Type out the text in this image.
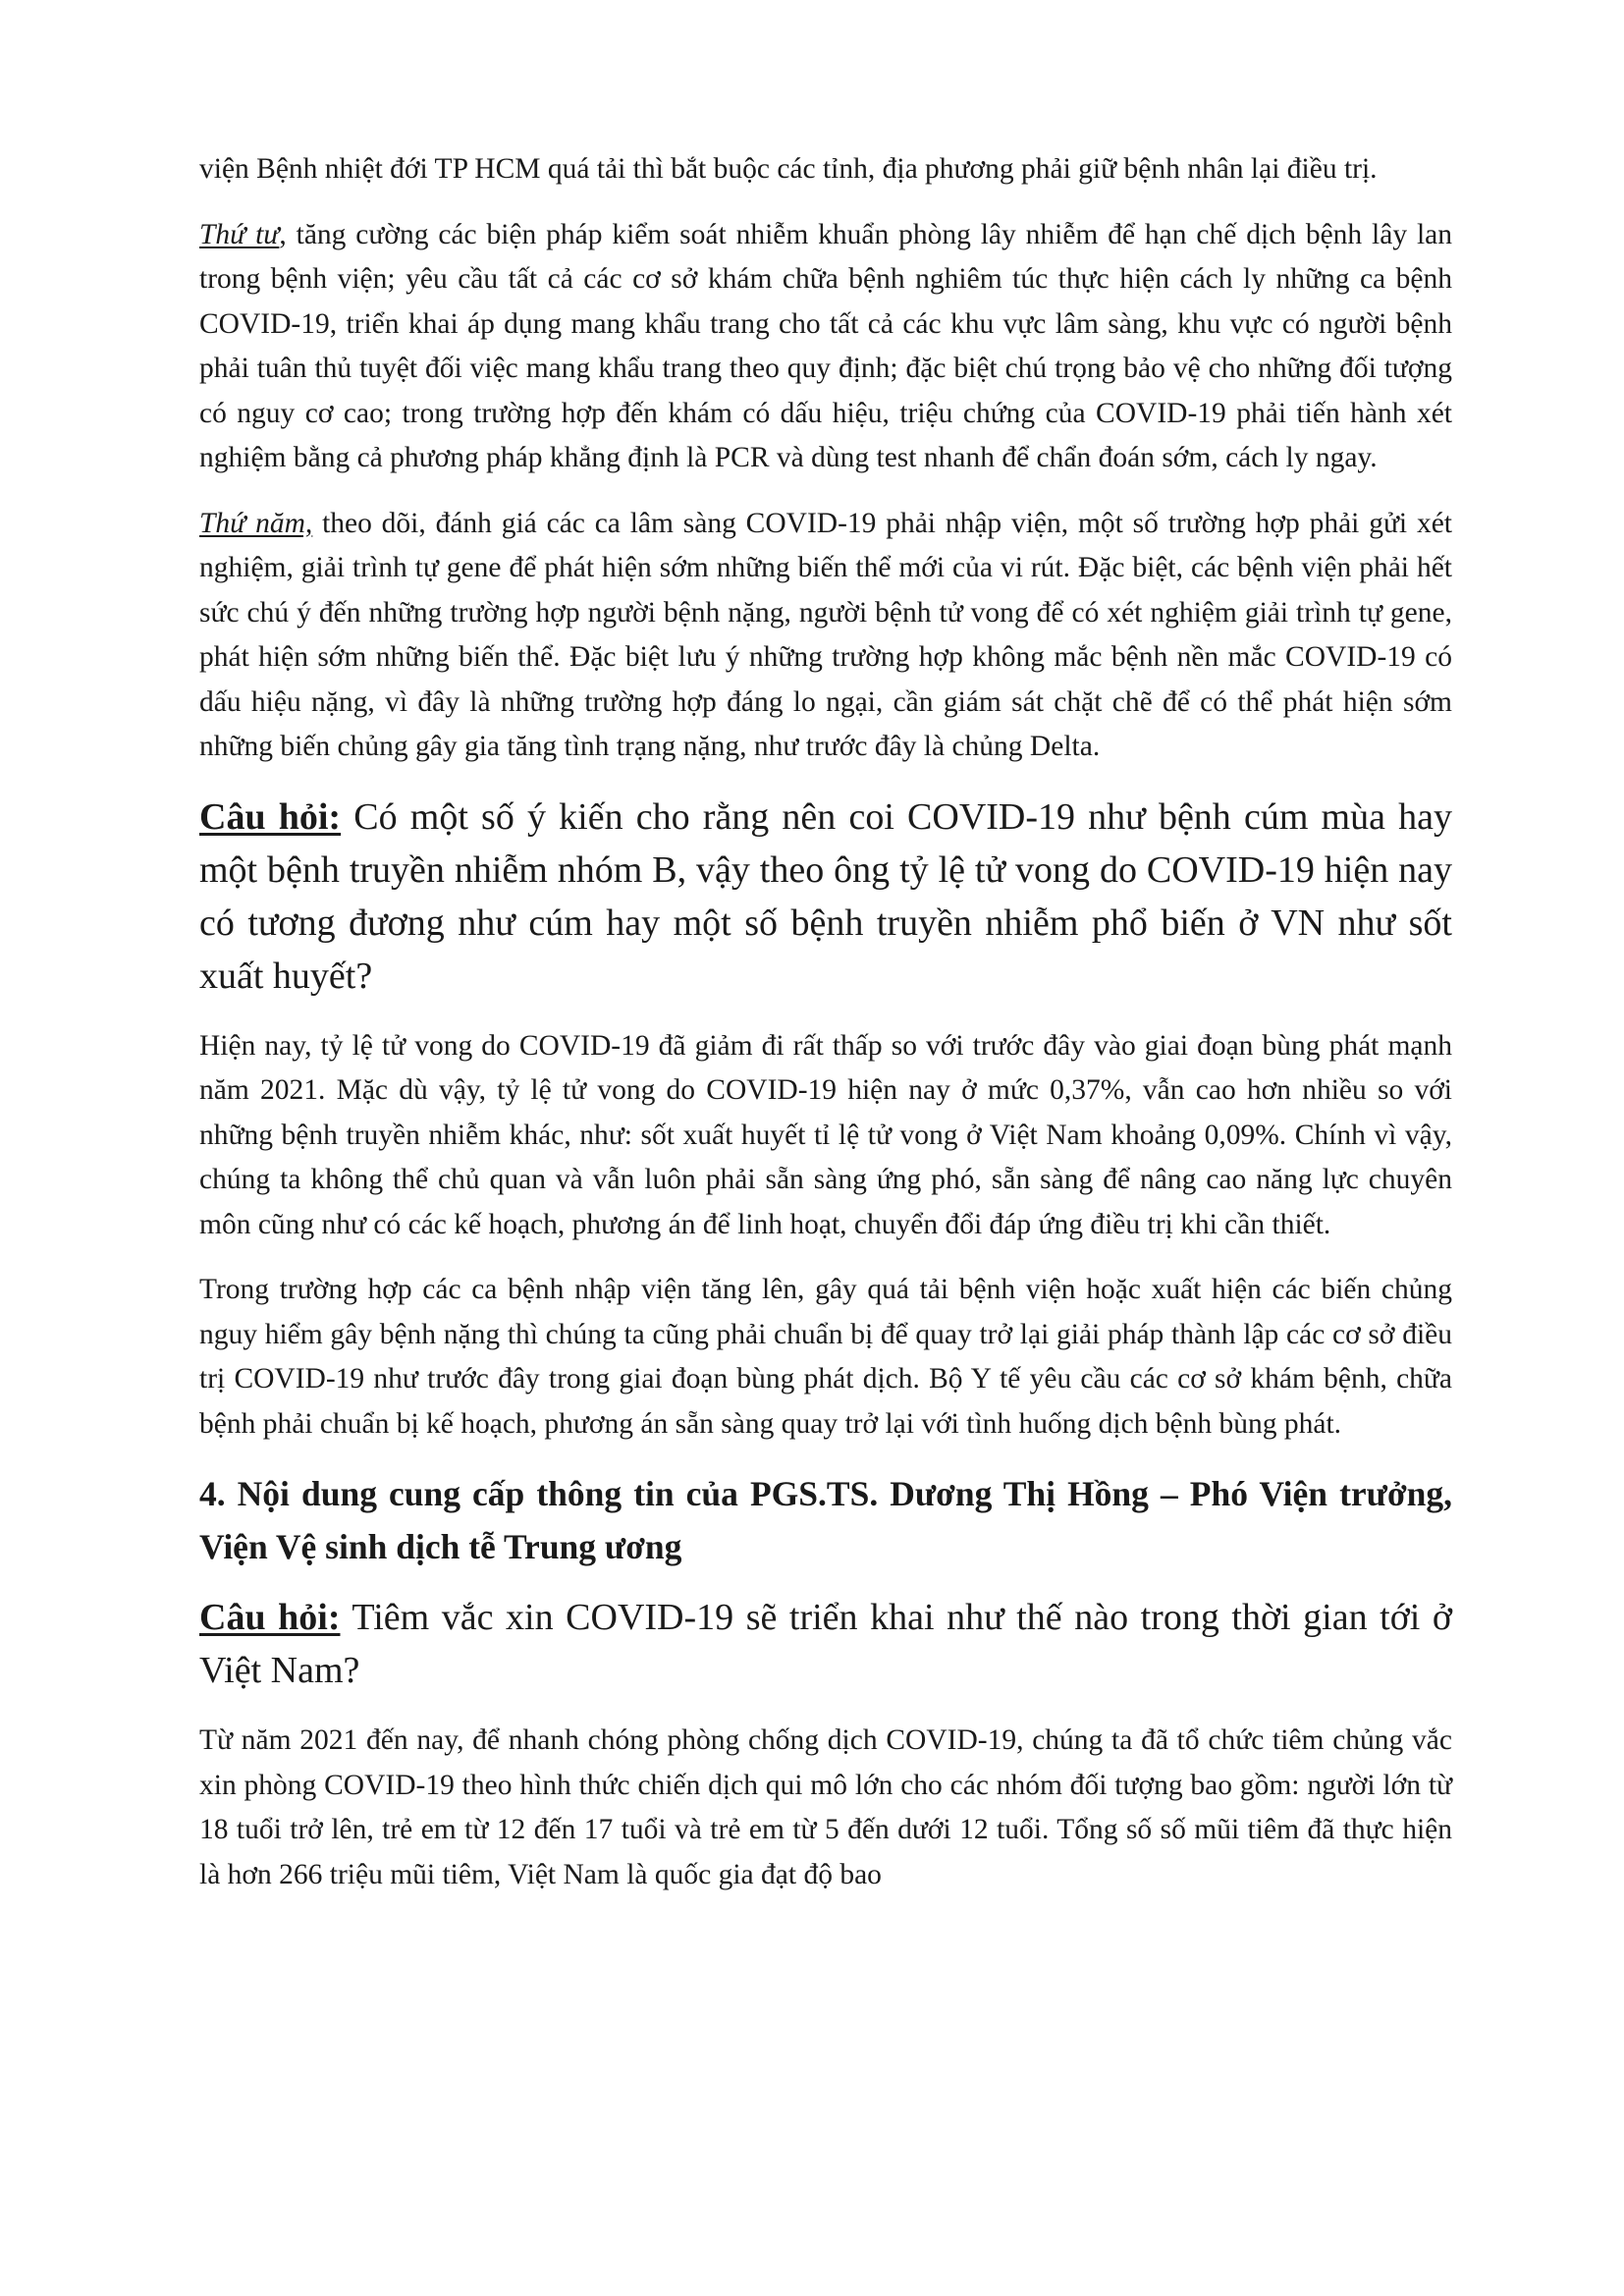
viện Bệnh nhiệt đới TP HCM quá tải thì bắt buộc các tỉnh, địa phương phải giữ bệnh nhân lại điều trị.

Thứ tư, tăng cường các biện pháp kiểm soát nhiễm khuẩn phòng lây nhiễm để hạn chế dịch bệnh lây lan trong bệnh viện; yêu cầu tất cả các cơ sở khám chữa bệnh nghiêm túc thực hiện cách ly những ca bệnh COVID-19, triển khai áp dụng mang khẩu trang cho tất cả các khu vực lâm sàng, khu vực có người bệnh phải tuân thủ tuyệt đối việc mang khẩu trang theo quy định; đặc biệt chú trọng bảo vệ cho những đối tượng có nguy cơ cao; trong trường hợp đến khám có dấu hiệu, triệu chứng của COVID-19 phải tiến hành xét nghiệm bằng cả phương pháp khẳng định là PCR và dùng test nhanh để chẩn đoán sớm, cách ly ngay.

Thứ năm, theo dõi, đánh giá các ca lâm sàng COVID-19 phải nhập viện, một số trường hợp phải gửi xét nghiệm, giải trình tự gene để phát hiện sớm những biến thể mới của vi rút. Đặc biệt, các bệnh viện phải hết sức chú ý đến những trường hợp người bệnh nặng, người bệnh tử vong để có xét nghiệm giải trình tự gene, phát hiện sớm những biến thể. Đặc biệt lưu ý những trường hợp không mắc bệnh nền mắc COVID-19 có dấu hiệu nặng, vì đây là những trường hợp đáng lo ngại, cần giám sát chặt chẽ để có thể phát hiện sớm những biến chủng gây gia tăng tình trạng nặng, như trước đây là chủng Delta.

Câu hỏi: Có một số ý kiến cho rằng nên coi COVID-19 như bệnh cúm mùa hay một bệnh truyền nhiễm nhóm B, vậy theo ông tỷ lệ tử vong do COVID-19 hiện nay có tương đương như cúm hay một số bệnh truyền nhiễm phổ biến ở VN như sốt xuất huyết?

Hiện nay, tỷ lệ tử vong do COVID-19 đã giảm đi rất thấp so với trước đây vào giai đoạn bùng phát mạnh năm 2021. Mặc dù vậy, tỷ lệ tử vong do COVID-19 hiện nay ở mức 0,37%, vẫn cao hơn nhiều so với những bệnh truyền nhiễm khác, như: sốt xuất huyết tỉ lệ tử vong ở Việt Nam khoảng 0,09%. Chính vì vậy, chúng ta không thể chủ quan và vẫn luôn phải sẵn sàng ứng phó, sẵn sàng để nâng cao năng lực chuyên môn cũng như có các kế hoạch, phương án để linh hoạt, chuyển đổi đáp ứng điều trị khi cần thiết.

Trong trường hợp các ca bệnh nhập viện tăng lên, gây quá tải bệnh viện hoặc xuất hiện các biến chủng nguy hiểm gây bệnh nặng thì chúng ta cũng phải chuẩn bị để quay trở lại giải pháp thành lập các cơ sở điều trị COVID-19 như trước đây trong giai đoạn bùng phát dịch. Bộ Y tế yêu cầu các cơ sở khám bệnh, chữa bệnh phải chuẩn bị kế hoạch, phương án sẵn sàng quay trở lại với tình huống dịch bệnh bùng phát.

4. Nội dung cung cấp thông tin của PGS.TS. Dương Thị Hồng – Phó Viện trưởng, Viện Vệ sinh dịch tễ Trung ương

Câu hỏi: Tiêm vắc xin COVID-19 sẽ triển khai như thế nào trong thời gian tới ở Việt Nam?

Từ năm 2021 đến nay, để nhanh chóng phòng chống dịch COVID-19, chúng ta đã tổ chức tiêm chủng vắc xin phòng COVID-19 theo hình thức chiến dịch qui mô lớn cho các nhóm đối tượng bao gồm: người lớn từ 18 tuổi trở lên, trẻ em từ 12 đến 17 tuổi và trẻ em từ 5 đến dưới 12 tuổi. Tổng số số mũi tiêm đã thực hiện là hơn 266 triệu mũi tiêm, Việt Nam là quốc gia đạt độ bao
